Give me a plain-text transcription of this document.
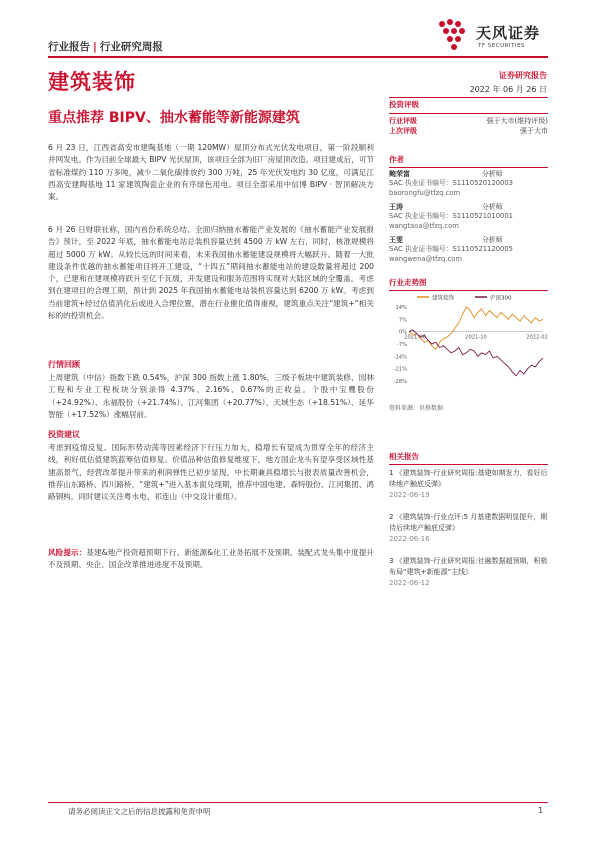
天风证券
TF SECURITIES
行业报告 | 行业研究周报
建筑装饰	证券研究报告
2022 年 06 月 26 日
重点推荐 BIPV、抽水蓄能等新能源建筑
投资评级
行业评级	强于大市(维持评级)
上次评级	强于大市
作者
鲍荣富	分析师
SAC 执业证书编号：S1110520120003
baorongfu@tfzq.com
王涛	分析师
SAC 执业证书编号：S1110521010001
wangtaoa@tfzq.com
王雯	分析师
SAC 执业证书编号：S1110521120005
wangwena@tfzq.com
行业走势图
建筑装饰	沪深300
14%
7%
0%
-7%
-14%
-21%
-28%
2021-06	2021-10	2022-02
资料来源：贝格数据
相关报告
1 《建筑装饰-行业研究周报:基建如期发力，看好后续地产触底反弹》
2022-06-19
2 《建筑装饰-行业点评:5 月基建数据明显提升，期待后续地产触底反弹》
2022-06-16
3 《建筑装饰-行业研究周报:社融数据超预期，积极布局“建筑+新能源”主线》
2022-06-12
6 月 23 日，江西省高安市建陶基地（一期 120MW）屋顶分布式光伏发电项目，第一阶段顺利并网发电。作为目前全球最大 BIPV 光伏屋顶，该项目全部为旧厂房屋顶改造。项目建成后，可节省标准煤约 110 万多吨，减少二氧化碳排放约 300 万吨，25 年光伏发电约 30 亿度，可满足江西高安建陶基地 11 家建筑陶瓷企业的有序绿色用电。项目全部采用中信博 BIPV · 智顶解决方案。
6 月 26 日财联社称，国内首份系统总结、全面归纳抽水蓄能产业发展的《抽水蓄能产业发展报告》预计，至 2022 年底，抽水蓄能电站总装机容量达到 4500 万 kW 左右，同时，核准规模将超过 5000 万 kW。从较长远的时间来看，未来我国抽水蓄能建设规模将大幅跃升。随着一大批建设条件优越的抽水蓄能项目将开工建设，“十四五”期间抽水蓄能电站的建设数量将超过 200 个，已建和在建规模将跃升至亿千瓦级，开发建设和服务范围将实现对大陆区域的全覆盖。考虑到在建项目的合理工期，预计到 2025 年我国抽水蓄能电站装机容量达到 6200 万 kW。考虑到当前建筑+经过估值消化后或进入合理位置，潜在行业催化值得重视，建筑重点关注“建筑+”相关标的的投资机会。
行情回顾
上周建筑（中信）指数下跌 0.54%，沪深 300 指数上涨 1.80%，三级子板块中建筑装修、园林工程和专业工程板块分别录得 4.37%、2.16%、0.67%的正收益。个股中宝鹰股份（+24.92%）、永福股份（+21.74%）、江河集团（+20.77%）、天域生态（+18.51%）、延华智能（+17.52%）涨幅居前。
投资建议
考虑到疫情反复、国际形势动荡等因素经济下行压力加大，稳增长有望成为贯穿全年的经济主线，利好低估值建筑蓝筹估值修复。价值品种估值修复维度下，地方国企龙头有望享受区域性基建高景气，经营改革提升带来的利润弹性已初步显现，中长期兼具稳增长与报表质量改善机会，推荐山东路桥、四川路桥，“建筑+”进入基本面兑现期，推荐中国电建、森特股份、江河集团、鸿路钢构，同时建议关注粤水电、祁连山（中交设计重组）。
风险提示：基建&地产投资超预期下行、新能源&化工业务拓展不及预期、装配式龙头集中度提升不及预期、央企、国企改革推进进度不及预期。
请务必阅读正文之后的信息披露和免责申明	1
